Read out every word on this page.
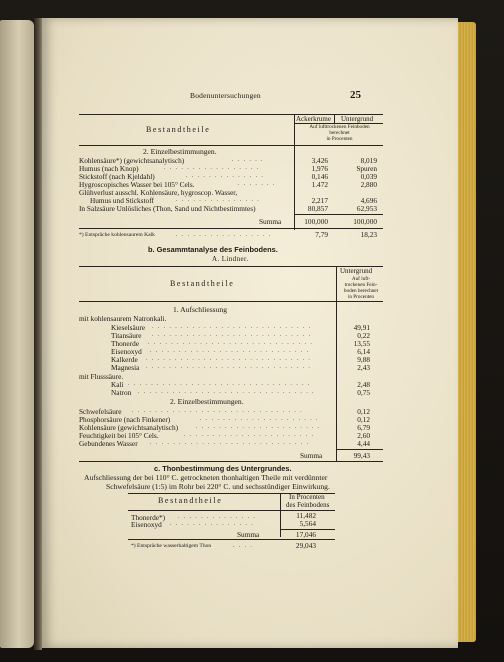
Bodenuntersuchungen	25
Ackerkrume Untergrund
Bestandtheile	Auf lufttrockenen Feinboden
berechnet
in Procenten
2. Einzelbestimmungen.
Kohlensäure*) (gewichtsanalytisch)	. . . . . .	3,426	8,019
Humus (nach Knop)	. . . . . . . . . . . . . . . . .	1,976	Spuren
Stickstoff (nach Kjeldahl)	. . . . . . . . . . . . . .	0,146	0,039
Hygroscopisches Wasser bei 105° Cels.	. . . . . . .	1.472	2,880
Glühverlust ausschl. Kohlensäure, hygroscop. Wasser,
Humus und Stickstoff	. . . . . . . . . . . . . . .	2,217	4,696
In Salzsäure Unlösliches (Thon, Sand und Nichtbestimmtes)	80,857	62,953
Summa	100,000	100,000
*) Entspräche kohlensaurem Kalk	. . . . . . . . . . . . . . . . .	7,79	18,23
b. Gesammtanalyse des Feinbodens.
A. Lindner.
Bestandtheile
Untergrund
Auf luft-
trockenen Fein-
boden berechnet
in Procenten
1. Aufschliessung
mit kohlensaurem Natronkali.
Kieselsäure . . . . . . . . . . . . . . . . . . . . . . . . . . . .	49,91
Titansäure . . . . . . . . . . . . . . . . . . . . . . . . . . . .	0,22
Thonerde . . . . . . . . . . . . . . . . . . . . . . . . . . . . .	13,55
Eisenoxyd . . . . . . . . . . . . . . . . . . . . . . . . . . . .	6,14
Kalkerde . . . . . . . . . . . . . . . . . . . . . . . . . . . . .	9,88
Magnesia . . . . . . . . . . . . . . . . . . . . . . . . . . . . .	2,43
mit Flusssäure.
Kali . . . . . . . . . . . . . . . . . . . . . . . . . . . . . . . .	2,48
Natron . . . . . . . . . . . . . . . . . . . . . . . . . . . . . . .	0,75
2. Einzelbestimmungen.
Schwefelsäure . . . . . . . . . . . . . . . . . . . . . . . . . . . . . .	0,12
Phosphorsäure (nach Finkener)	. . . . . . . . . . . . . . . . . . . . .	0,12
Kohlensäure (gewichtsanalytisch)	. . . . . . . . . . . . . . . . . . . . . .	6,79
Feuchtigkeit bei 105° Cels.	. . . . . . . . . . . . . . . . . . . . . . .	2,60
Gebundenes Wasser . . . . . . . . . . . . . . . . . . . . . . . . . . . .	4,44
Summa	99,43
c. Thonbestimmung des Untergrundes.
Aufschliessung der bei 110° C. getrockneten thonhaltigen Theile mit verdünnter
Schwefelsäure (1:5) im Rohr bei 220° C. und sechsstündiger Einwirkung.
Bestandtheile	In Procenten
des Feinbodens
Thonerde*) . . . . . . . . . . . . . .	11,482
Eisenoxyd . . . . . . . . . . . . . . .	5,564
Summa	17,046
*) Entspräche wasserhaltigem Thon	. . . .	29,043
